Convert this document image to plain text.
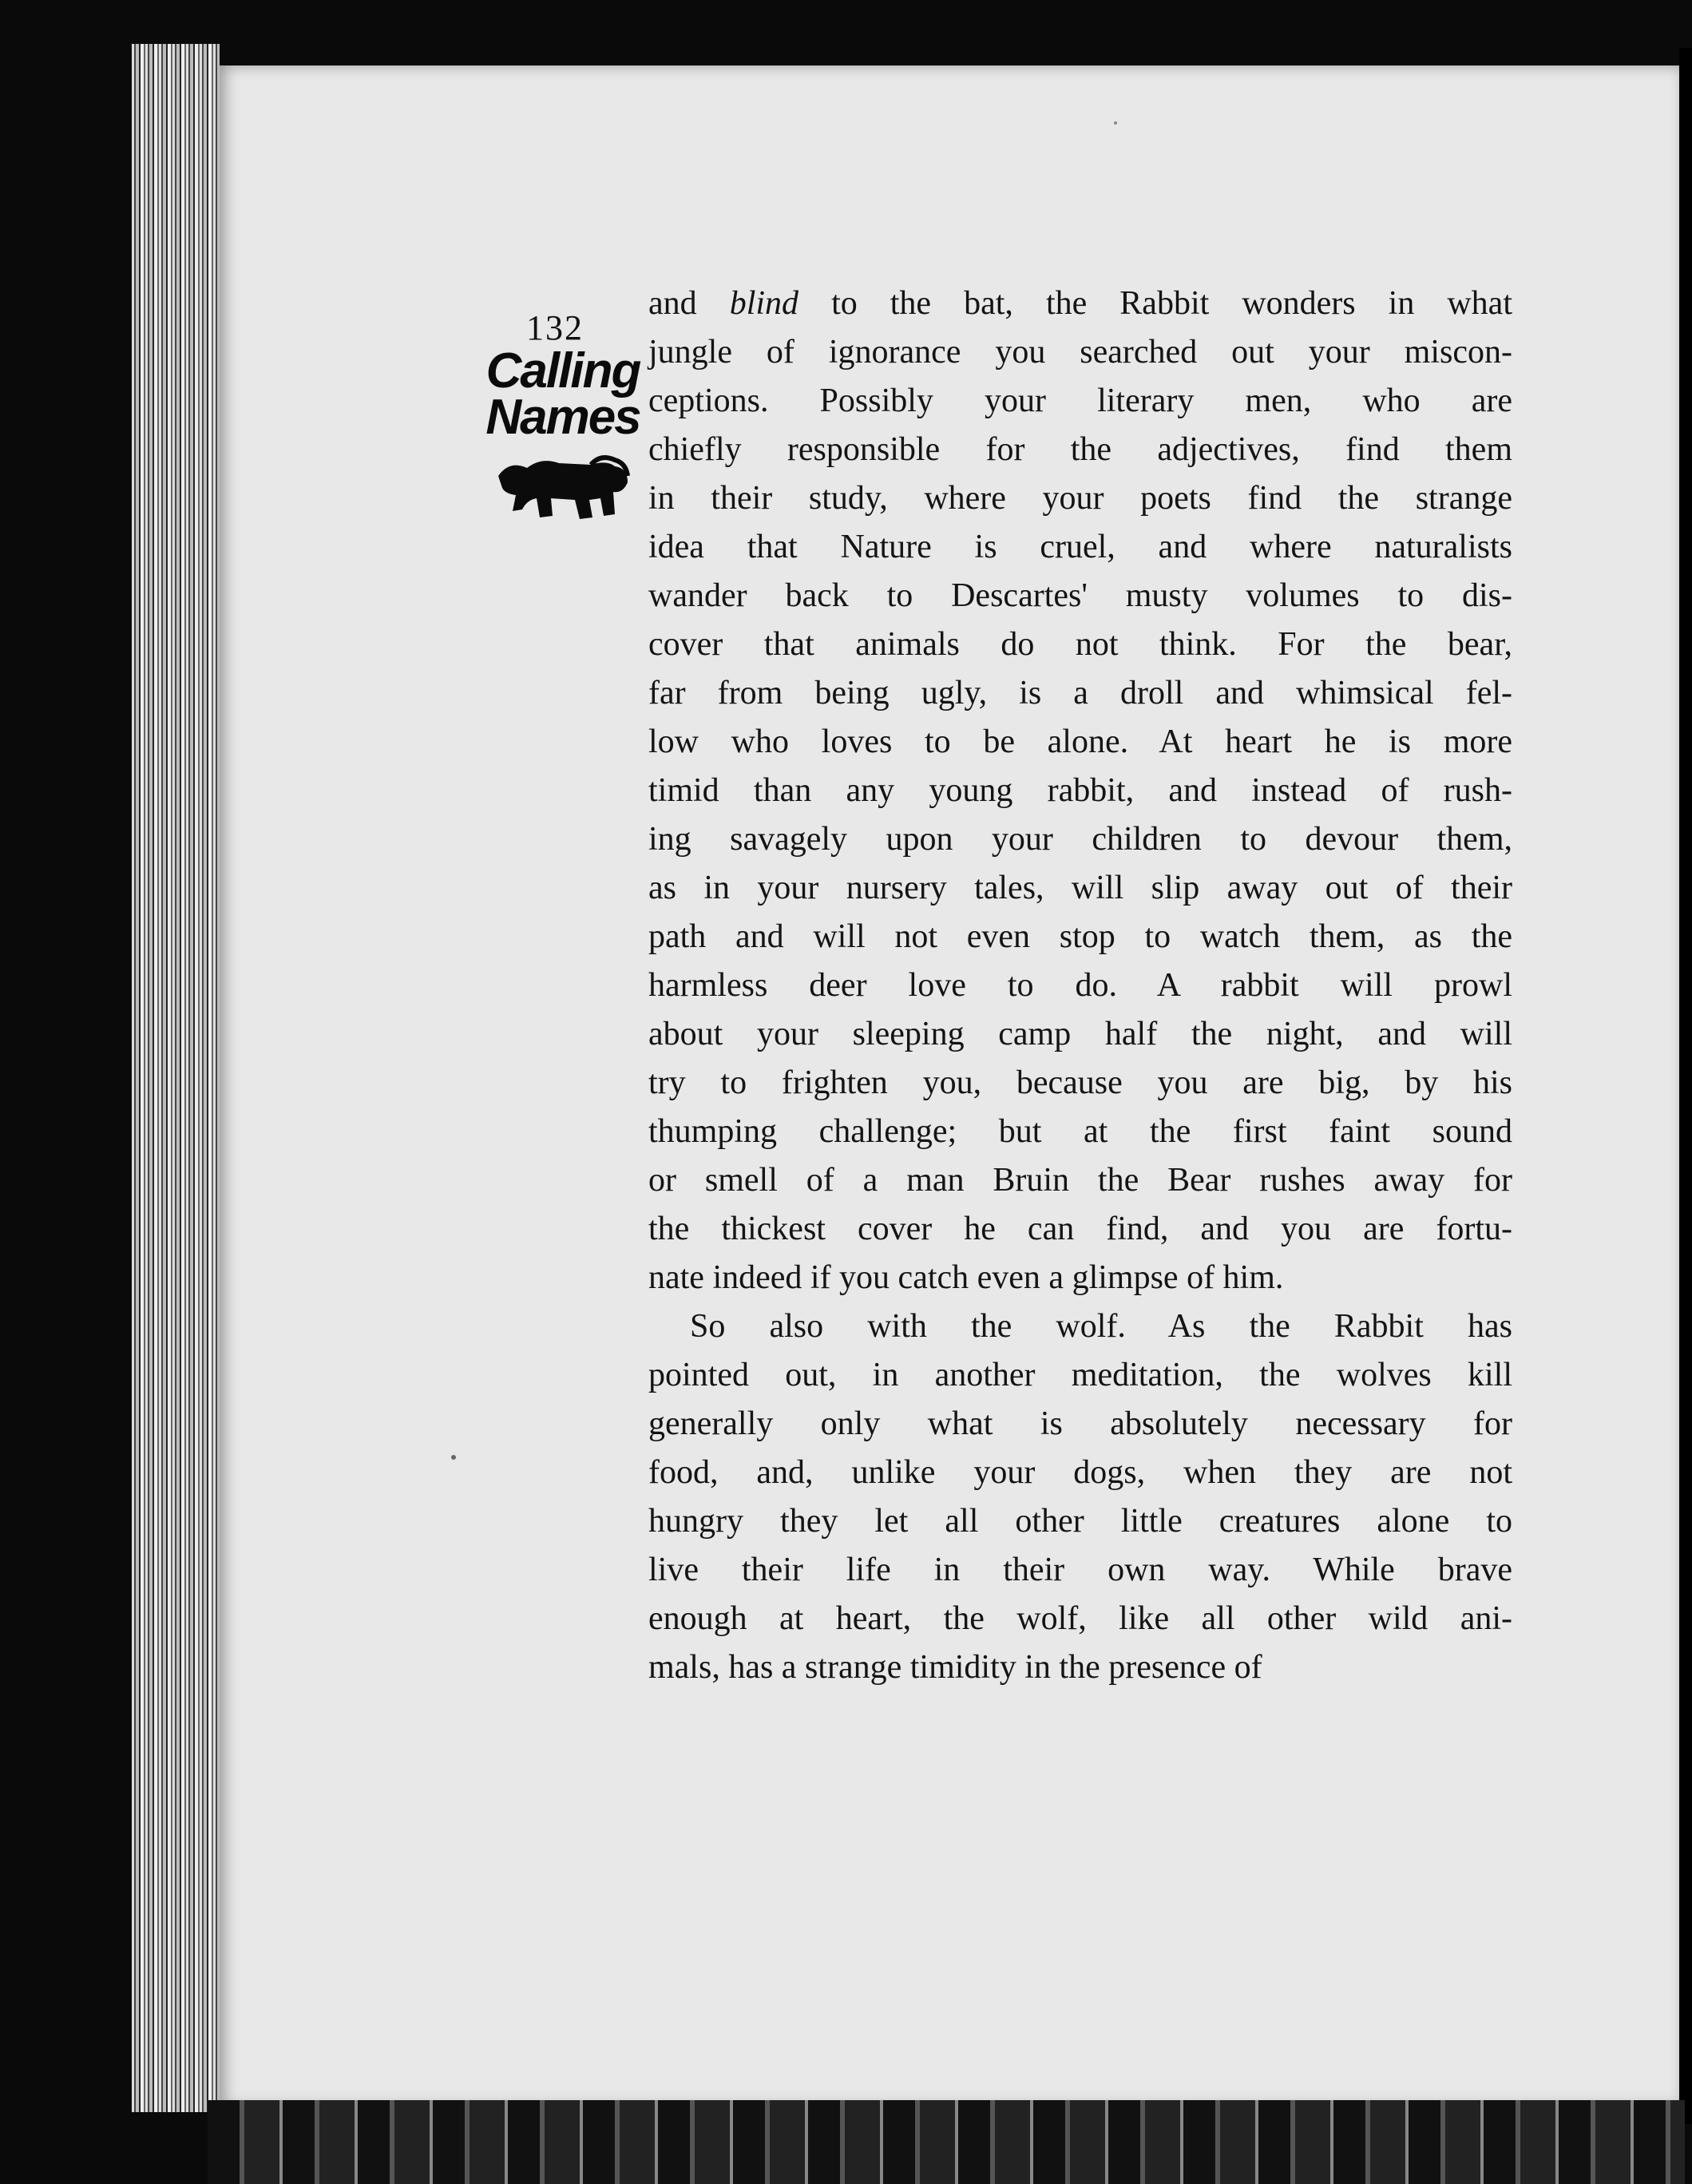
132
Calling
Names
and blind to the bat, the Rabbit wonders in what
jungle of ignorance you searched out your miscon-
ceptions. Possibly your literary men, who are
chiefly responsible for the adjectives, find them
in their study, where your poets find the strange
idea that Nature is cruel, and where naturalists
wander back to Descartes' musty volumes to dis-
cover that animals do not think. For the bear,
far from being ugly, is a droll and whimsical fel-
low who loves to be alone. At heart he is more
timid than any young rabbit, and instead of rush-
ing savagely upon your children to devour them,
as in your nursery tales, will slip away out of their
path and will not even stop to watch them, as the
harmless deer love to do. A rabbit will prowl
about your sleeping camp half the night, and will
try to frighten you, because you are big, by his
thumping challenge; but at the first faint sound
or smell of a man Bruin the Bear rushes away for
the thickest cover he can find, and you are fortu-
nate indeed if you catch even a glimpse of him.
So also with the wolf. As the Rabbit has
pointed out, in another meditation, the wolves kill
generally only what is absolutely necessary for
food, and, unlike your dogs, when they are not
hungry they let all other little creatures alone to
live their life in their own way. While brave
enough at heart, the wolf, like all other wild ani-
mals, has a strange timidity in the presence of
